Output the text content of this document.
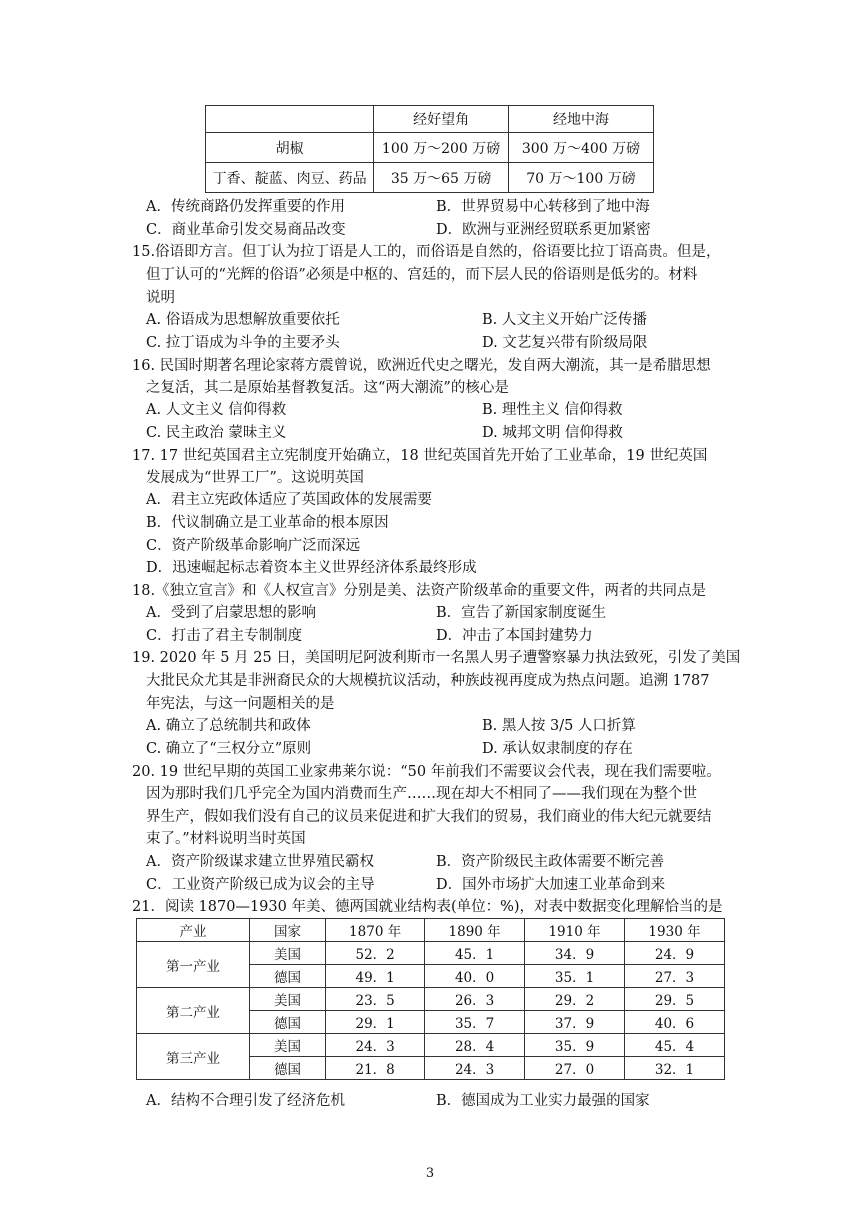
	经好望角	经地中海
胡椒	100 万～200 万磅	300 万～400 万磅
丁香、靛蓝、肉豆、药品	35 万～65 万磅	70 万～100 万磅
A．传统商路仍发挥重要的作用	B．世界贸易中心转移到了地中海
C．商业革命引发交易商品改变	D．欧洲与亚洲经贸联系更加紧密
15.俗语即方言。但丁认为拉丁语是人工的，而俗语是自然的，俗语要比拉丁语高贵。但是，
但丁认可的“光辉的俗语”必须是中枢的、宫廷的，而下层人民的俗语则是低劣的。材料
说明
A. 俗语成为思想解放重要依托	B. 人文主义开始广泛传播
C. 拉丁语成为斗争的主要矛头	D. 文艺复兴带有阶级局限
16. 民国时期著名理论家蒋方震曾说，欧洲近代史之曙光，发自两大潮流，其一是希腊思想
之复活，其二是原始基督教复活。这“两大潮流”的核心是
A. 人文主义 信仰得救	B. 理性主义 信仰得救
C. 民主政治 蒙昧主义	D. 城邦文明 信仰得救
17. 17 世纪英国君主立宪制度开始确立，18 世纪英国首先开始了工业革命，19 世纪英国
发展成为“世界工厂”。这说明英国
A．君主立宪政体适应了英国政体的发展需要
B．代议制确立是工业革命的根本原因
C．资产阶级革命影响广泛而深远
D．迅速崛起标志着资本主义世界经济体系最终形成
18.《独立宣言》和《人权宣言》分别是美、法资产阶级革命的重要文件，两者的共同点是
A．受到了启蒙思想的影响	B．宣告了新国家制度诞生
C．打击了君主专制制度	D．冲击了本国封建势力
19. 2020 年 5 月 25 日，美国明尼阿波利斯市一名黑人男子遭警察暴力执法致死，引发了美国
大批民众尤其是非洲裔民众的大规模抗议活动，种族歧视再度成为热点问题。追溯 1787
年宪法，与这一问题相关的是
A. 确立了总统制共和政体	B. 黑人按 3/5 人口折算
C. 确立了“三权分立”原则	D. 承认奴隶制度的存在
20. 19 世纪早期的英国工业家弗莱尔说：“50 年前我们不需要议会代表，现在我们需要啦。
因为那时我们几乎完全为国内消费而生产……现在却大不相同了——我们现在为整个世
界生产，假如我们没有自己的议员来促进和扩大我们的贸易，我们商业的伟大纪元就要结
束了。”材料说明当时英国
A．资产阶级谋求建立世界殖民霸权	B．资产阶级民主政体需要不断完善
C．工业资产阶级已成为议会的主导	D．国外市场扩大加速工业革命到来
21．阅读 1870—1930 年美、德两国就业结构表(单位：%)，对表中数据变化理解恰当的是
产业	国家	1870 年	1890 年	1910 年	1930 年
第一产业	美国	52．2	45．1	34．9	24．9
	德国	49．1	40．0	35．1	27．3
第二产业	美国	23．5	26．3	29．2	29．5
	德国	29．1	35．7	37．9	40．6
第三产业	美国	24．3	28．4	35．9	45．4
	德国	21．8	24．3	27．0	32．1
A．结构不合理引发了经济危机	B．德国成为工业实力最强的国家
3
